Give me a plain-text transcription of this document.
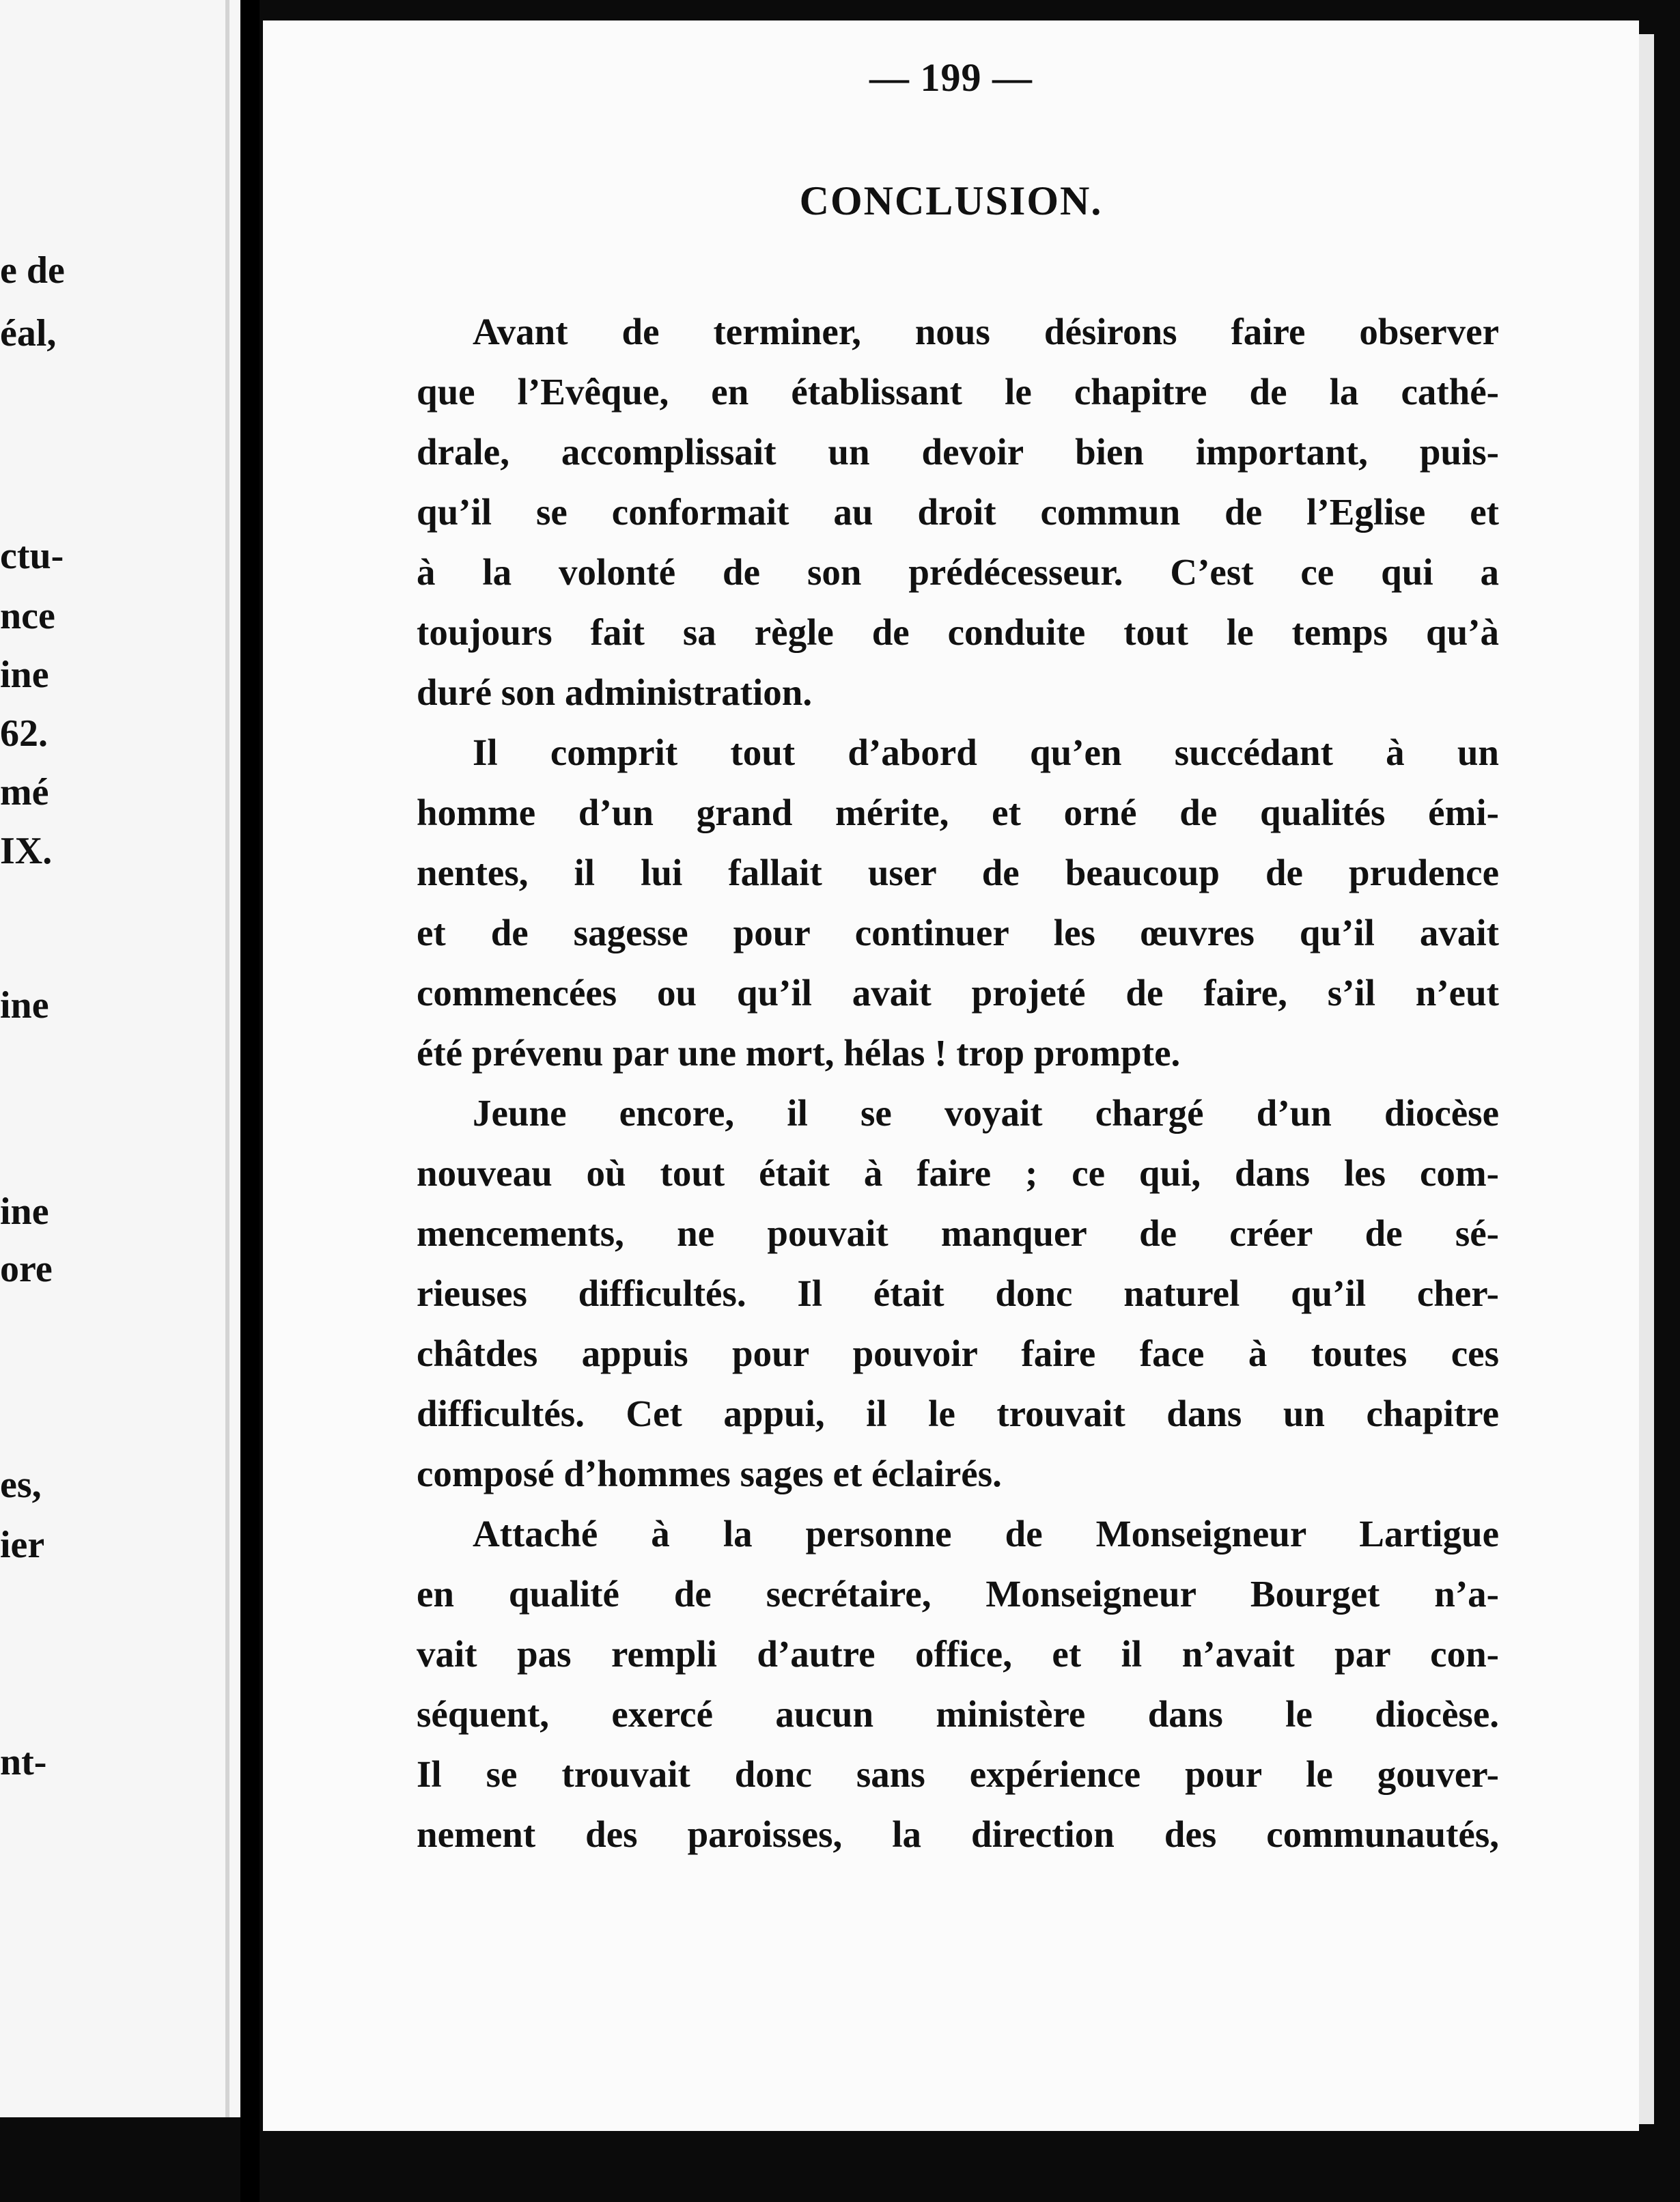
e de
éal,
ctu-
nce
ine
62.
mé
IX.
ine
ine
ore
es,
ier
nt-
— 199 —
CONCLUSION.
Avant de terminer, nous désirons faire observer
que l’Evêque, en établissant le chapitre de la cathé-
drale, accomplissait un devoir bien important, puis-
qu’il se conformait au droit commun de l’Eglise et
à la volonté de son prédécesseur. C’est ce qui a
toujours fait sa règle de conduite tout le temps qu’à
duré son administration.
Il comprit tout d’abord qu’en succédant à un
homme d’un grand mérite, et orné de qualités émi-
nentes, il lui fallait user de beaucoup de prudence
et de sagesse pour continuer les œuvres qu’il avait
commencées ou qu’il avait projeté de faire, s’il n’eut
été prévenu par une mort, hélas ! trop prompte.
Jeune encore, il se voyait chargé d’un diocèse
nouveau où tout était à faire ; ce qui, dans les com-
mencements, ne pouvait manquer de créer de sé-
rieuses difficultés. Il était donc naturel qu’il cher-
châtdes appuis pour pouvoir faire face à toutes ces
difficultés. Cet appui, il le trouvait dans un chapitre
composé d’hommes sages et éclairés.
Attaché à la personne de Monseigneur Lartigue
en qualité de secrétaire, Monseigneur Bourget n’a-
vait pas rempli d’autre office, et il n’avait par con-
séquent, exercé aucun ministère dans le diocèse.
Il se trouvait donc sans expérience pour le gouver-
nement des paroisses, la direction des communautés,
